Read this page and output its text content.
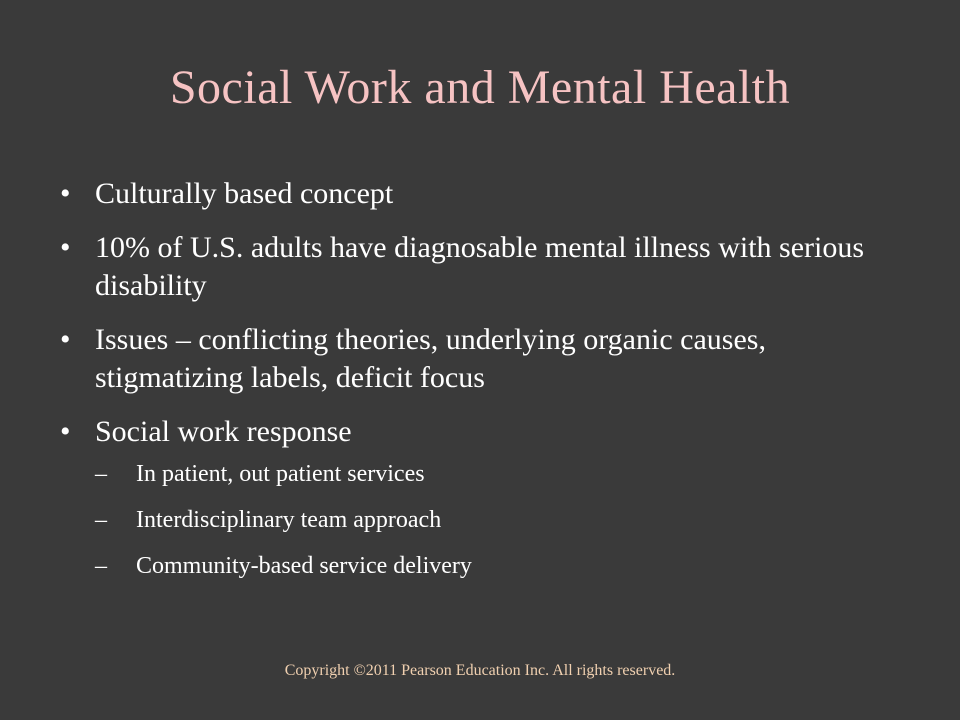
Social Work and Mental Health
• Culturally based concept
• 10% of U.S. adults have diagnosable mental illness with serious disability
• Issues – conflicting theories, underlying organic causes, stigmatizing labels, deficit focus
• Social work response
– In patient, out patient services
– Interdisciplinary team approach
– Community-based service delivery
Copyright ©2011 Pearson Education Inc. All rights reserved.
